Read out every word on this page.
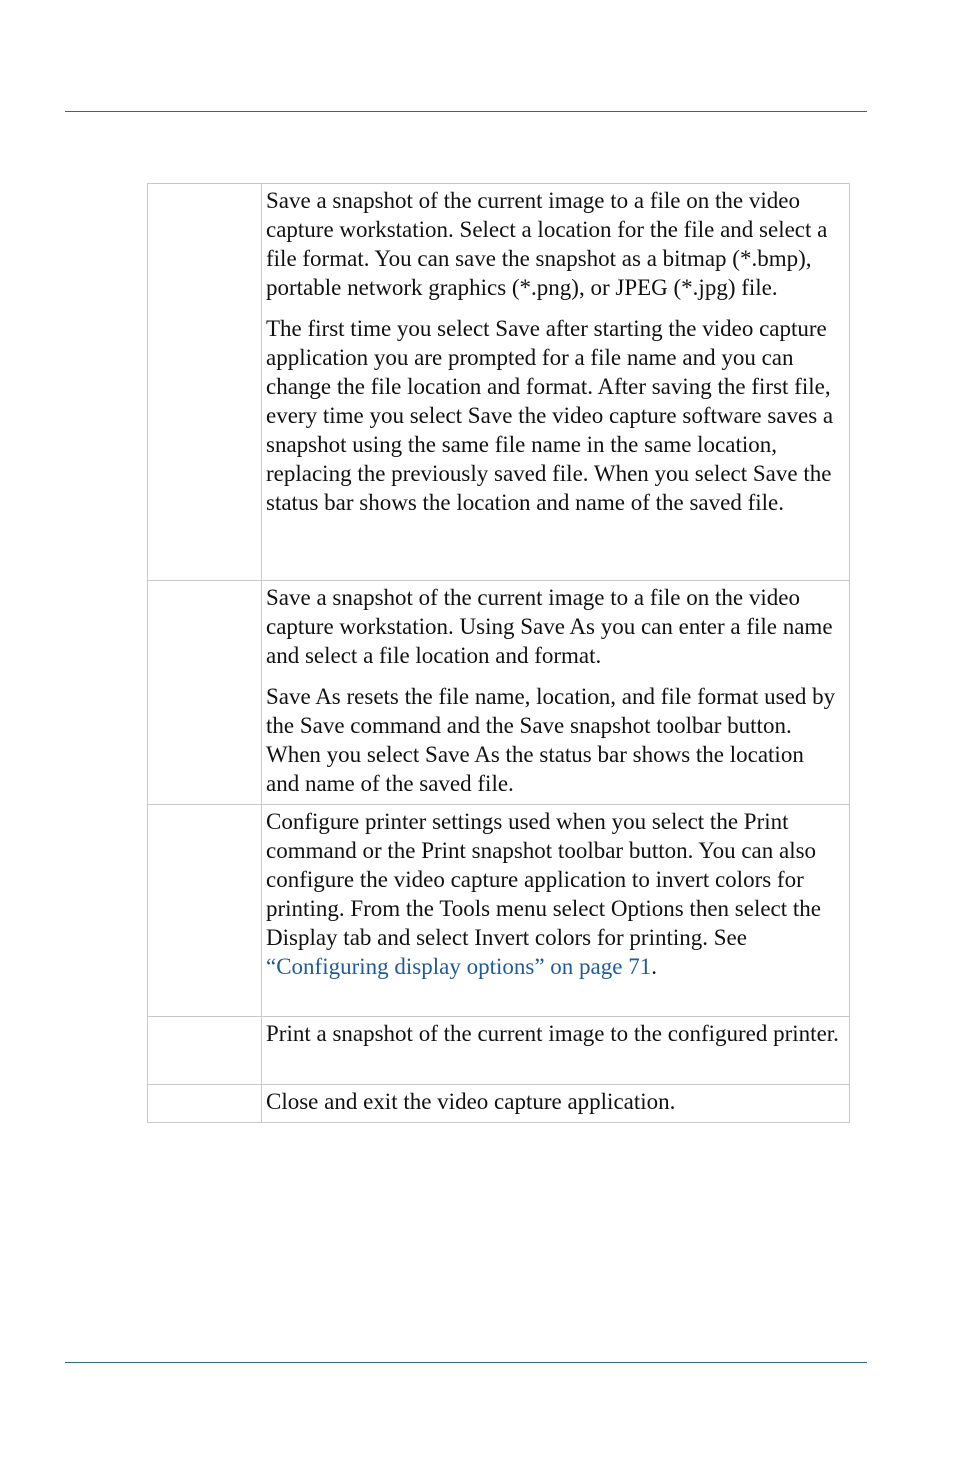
	Save a snapshot of the current image to a file on the video capture workstation. Select a location for the file and select a file format. You can save the snapshot as a bitmap (*.bmp), portable network graphics (*.png), or JPEG (*.jpg) file.

The first time you select Save after starting the video capture application you are prompted for a file name and you can change the file location and format. After saving the first file, every time you select Save the video capture software saves a snapshot using the same file name in the same location, replacing the previously saved file. When you select Save the status bar shows the location and name of the saved file.

	Save a snapshot of the current image to a file on the video capture workstation. Using Save As you can enter a file name and select a file location and format.

Save As resets the file name, location, and file format used by the Save command and the Save snapshot toolbar button. When you select Save As the status bar shows the location and name of the saved file.

	Configure printer settings used when you select the Print command or the Print snapshot toolbar button. You can also configure the video capture application to invert colors for printing. From the Tools menu select Options then select the Display tab and select Invert colors for printing. See “Configuring display options” on page 71.

	Print a snapshot of the current image to the configured printer.

	Close and exit the video capture application.
